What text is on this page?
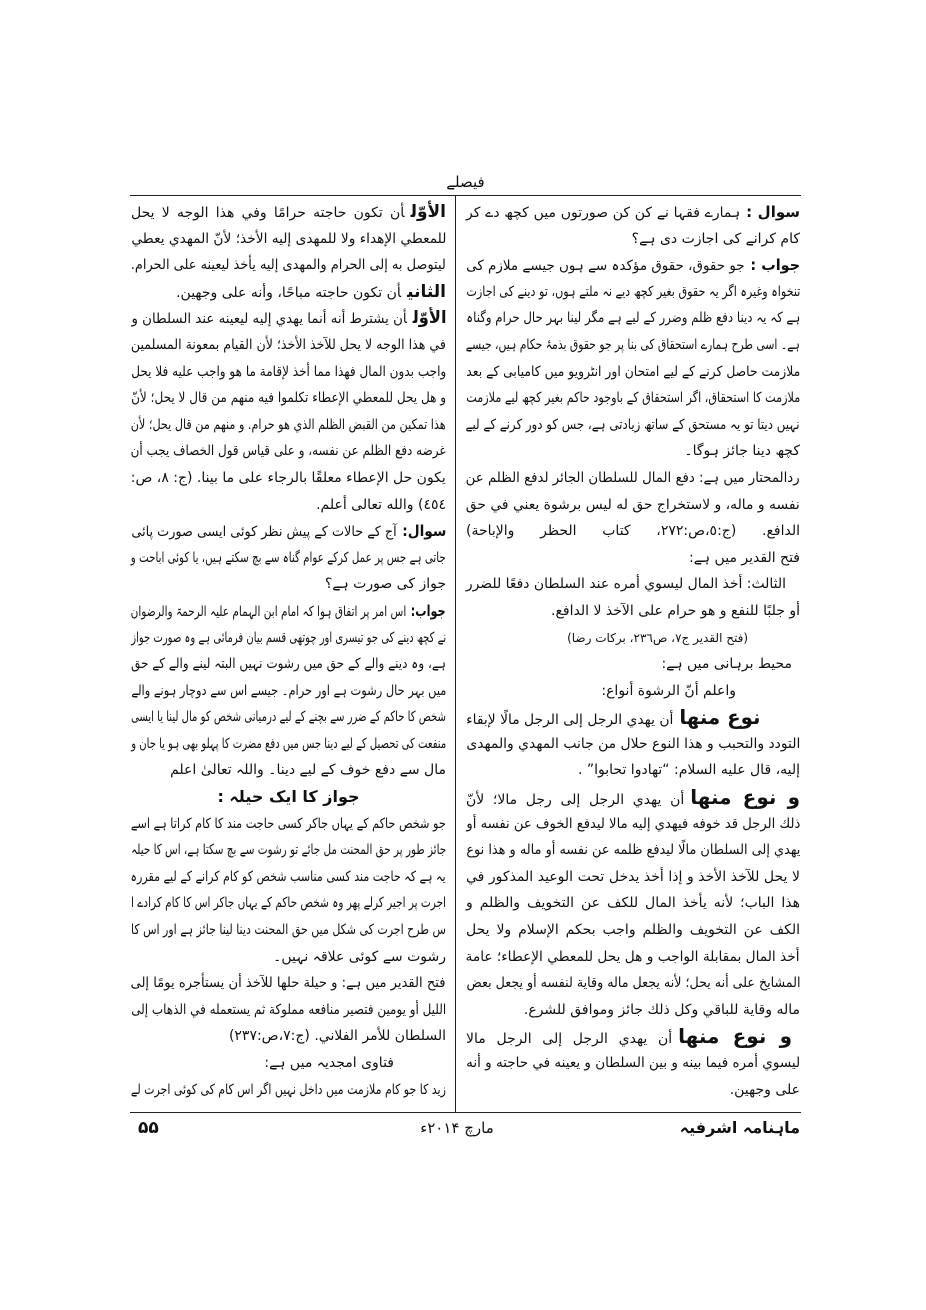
فیصلے
سوال :ہمارے فقہا نے کن کن صورتوں میں کچھ دے کر
کام کرانے کی اجازت دی ہے؟
جواب :جو حقوق، حقوق مؤکدہ سے ہوں جیسے ملازم کی
تنخواہ وغیرہ اگر یہ حقوق بغیر کچھ دیے نہ ملتے ہوں، تو دینے کی اجازت
ہے کہ یہ دینا دفع ظلم وضرر کے لیے ہے مگر لینا بہر حال حرام وگناہ
ہے۔ اسی طرح ہمارے استحقاق کی بنا پر جو حقوق بذمۂ حکام ہیں، جیسے
ملازمت حاصل کرنے کے لیے امتحان اور انٹرویو میں کامیابی کے بعد
ملازمت کا استحقاق، اگر استحقاق کے باوجود حاکم بغیر کچھ لیے ملازمت
نہیں دیتا تو یہ مستحق کے ساتھ زیادتی ہے، جس کو دور کرنے کے لیے
کچھ دینا جائز ہوگا۔
ردالمحتار میں ہے: دفع المال للسلطان الجائر لدفع الظلم عن
نفسه و ماله، و لاستخراج حق له ليس برشوة يعني في حق
الدافع. (ج:٥،ص:٢٧٢، کتاب الحظر والإباحة)
فتح القدیر میں ہے:
الثالث: أخذ المال ليسوي أمره عند السلطان دفعًا للضرر
أو جلبًا للنفع و هو حرام على الآخذ لا الدافع.
(فتح القدیر ج٧، ص٢٣٦، برکات رضا)
محیط برہانی میں ہے:
واعلم أنّ الرشوة أنواع:
نوع منهاأن يهدي الرجل إلى الرجل مالًا لإبقاء
التودد والتحبب و هذا النوع حلال من جانب المهدي والمهدى
إليه، قال عليه السلام: “تهادوا تحابوا” .
و نوع منهاأن يهدي الرجل إلى رجل مالا؛ لأنّ
ذلك الرجل قد خوفه فيهدي إليه مالا ليدفع الخوف عن نفسه أو
يهدي إلى السلطان مالًا ليدفع ظلمه عن نفسه أو ماله و هذا نوع
لا يحل للآخذ الأخذ و إذا أخذ يدخل تحت الوعيد المذكور في
هذا الباب؛ لأنه يأخذ المال للكف عن التخويف والظلم و
الكف عن التخويف والظلم واجب بحكم الإسلام ولا يحل
أخذ المال بمقابلة الواجب و هل يحل للمعطي الإعطاء؛ عامة
المشايخ على أنه يحل؛ لأنه يجعل ماله وقاية لنفسه أو يجعل بعض
ماله وقاية للباقي وكل ذلك جائز وموافق للشرع.
و نوع منهاأن يهدي الرجل إلى الرجل مالا
ليسوي أمره فيما بينه و بين السلطان و يعينه في حاجته و أنه
على وجهين.
الأوّلأن تكون حاجته حرامًا وفي هذا الوجه لا يحل
للمعطي الإهداء ولا للمهدى إليه الأخذ؛ لأنّ المهدي يعطي
ليتوصل به إلى الحرام والمهدى إليه يأخذ ليعينه على الحرام.
الثانيأن تكون حاجته مباحًا، وأنه على وجهين.
الأوّلأن يشترط أنه أنما يهدي إليه ليعينه عند السلطان و
في هذا الوجه لا يحل للآخذ الأخذ؛ لأن القيام بمعونة المسلمين
واجب بدون المال فهذا مما أخذ لإقامة ما هو واجب عليه فلا يحل
و هل يحل للمعطي الإعطاء تكلموا فيه منهم من قال لا يحل؛ لأنّ
هذا تمكين من القبض الظلم الذي هو حرام. و منهم من قال يحل؛ لأن
غرضه دفع الظلم عن نفسه، و على قياس قول الخصاف يجب أن
يكون حل الإعطاء معلقًا بالرجاء على ما بينا. (ج: ٨، ص:
٤٥٤) والله تعالى أعلم.
سوال:آج کے حالات کے پیش نظر کوئی ایسی صورت پائی
جاتی ہے جس پر عمل کرکے عوام گناہ سے بچ سکتے ہیں، یا کوئی اباحت و
جواز کی صورت ہے؟
جواب:اس امر پر اتفاق ہوا کہ امام ابن الہمام علیہ الرحمۃ والرضوان
نے کچھ دینے کی جو تیسری اور چوتھی قسم بیان فرمائی ہے وہ صورت جواز
ہے، وہ دینے والے کے حق میں رشوت نہیں البتہ لینے والے کے حق
میں بہر حال رشوت ہے اور حرام۔ جیسے اس سے دوچار ہونے والے
شخص کا حاکم کے ضرر سے بچنے کے لیے درمیانی شخص کو مال لینا یا ایسی
منفعت کی تحصیل کے لیے دینا جس میں دفع مضرت کا پہلو بھی ہو یا جان و
مال سے دفع خوف کے لیے دینا۔ واللہ تعالیٰ اعلم
جواز کا ایک حیلہ :
جو شخص حاکم کے یہاں جاکر کسی حاجت مند کا کام کراتا ہے اسے
جائز طور پر حق المحنت مل جائے تو رشوت سے بچ سکتا ہے، اس کا حیلہ
یہ ہے کہ حاجت مند کسی مناسب شخص کو کام کرانے کے لیے مقررہ
اجرت پر اجیر کرلے پھر وہ شخص حاکم کے یہاں جاکر اس کا کام کرادے ا
س طرح اجرت کی شکل میں حق المحنت دینا لینا جائز ہے اور اس کا
رشوت سے کوئی علاقہ نہیں۔
فتح القدیر میں ہے: و حيلة حلها للآخذ أن يستأجره يومًا إلى
الليل أو يومين فتصير منافعه مملوكة ثم يستعمله في الذهاب إلى
السلطان للأمر الفلاني. (ج:٧،ص:٢٣٧)
فتاوی امجدیہ میں ہے:
زید کا جو کام ملازمت میں داخل نہیں اگر اس کام کی کوئی اجرت لے
ماہنامہ اشرفیہ
مارچ ۲۰۱۴ء
۵۵
